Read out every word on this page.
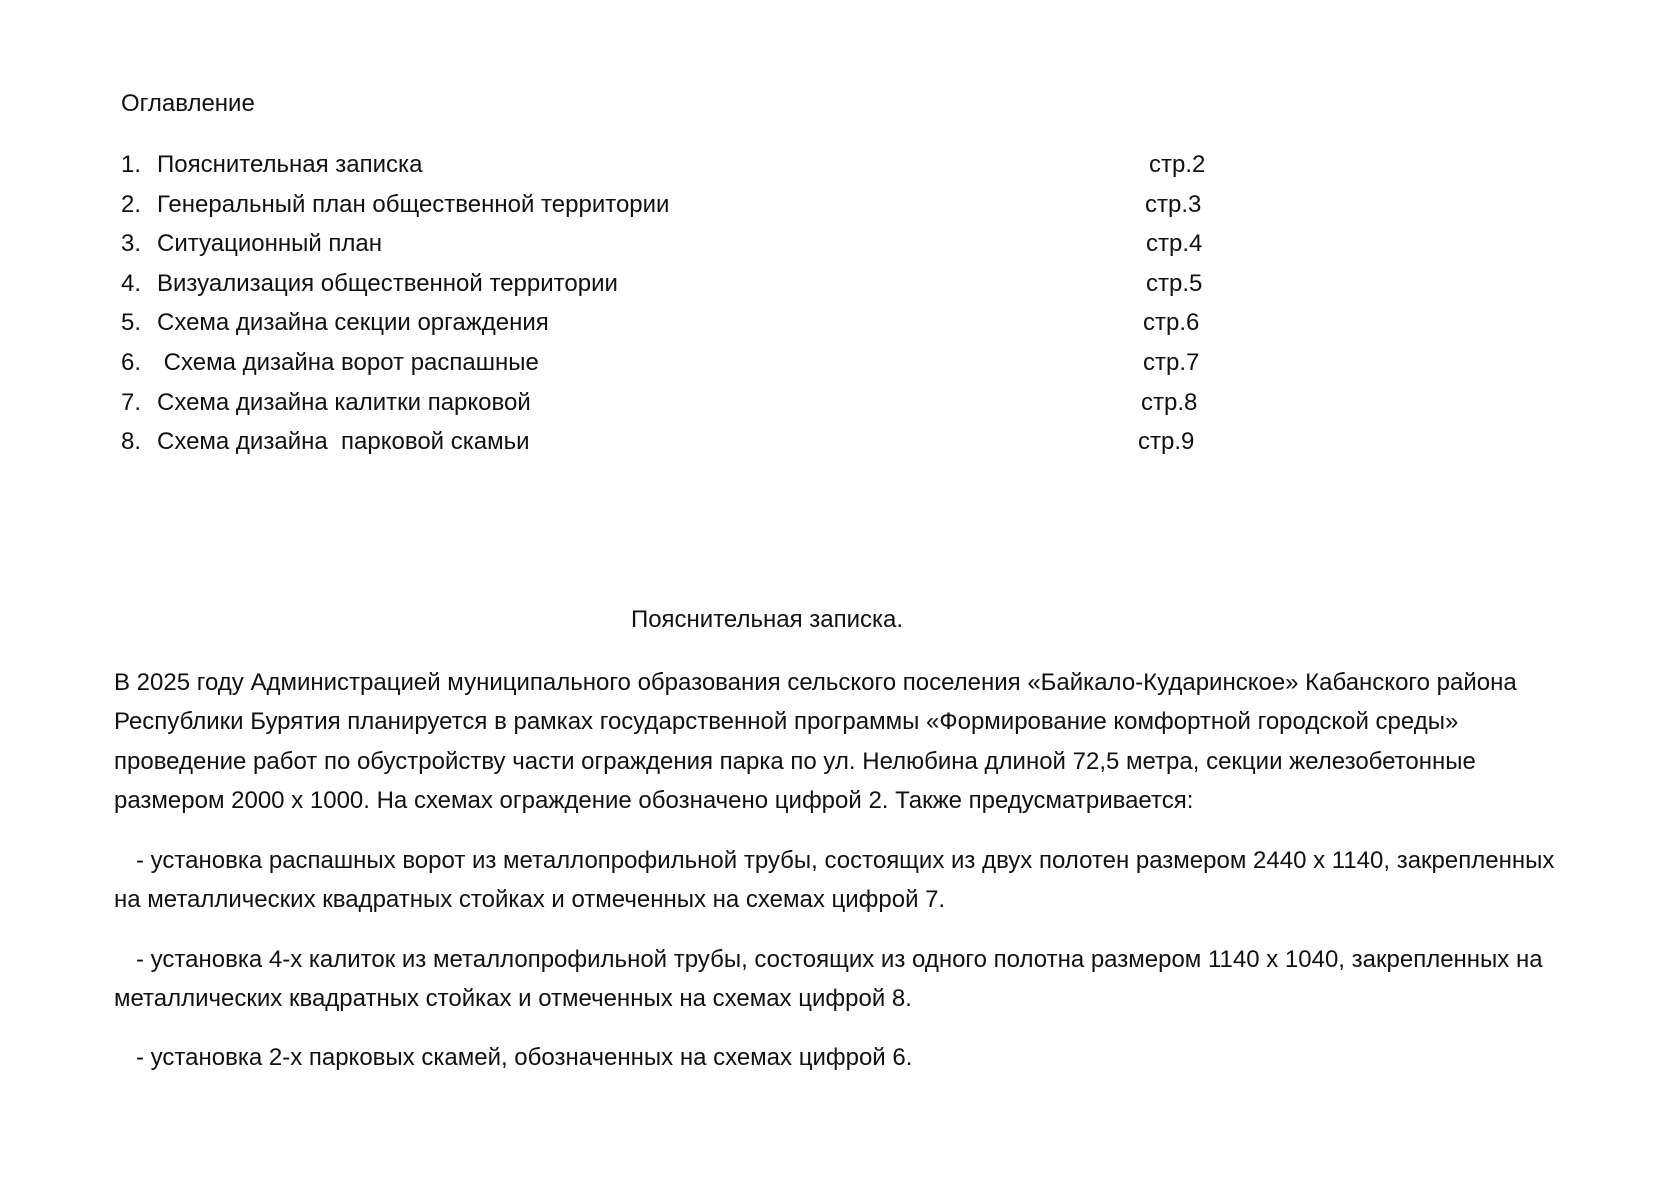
Оглавление
1. Пояснительная записка	стр.2
2. Генеральный план общественной территории	стр.3
3. Ситуационный план	стр.4
4. Визуализация общественной территории	стр.5
5. Схема дизайна секции оргаждения	стр.6
6. Схема дизайна ворот распашные	стр.7
7. Схема дизайна калитки парковой	стр.8
8. Схема дизайна  парковой скамьи	стр.9
Пояснительная записка.

В 2025 году Администрацией муниципального образования сельского поселения «Байкало-Кударинское» Кабанского района Республики Бурятия планируется в рамках государственной программы «Формирование комфортной городской среды» проведение работ по обустройству части ограждения парка по ул. Нелюбина длиной 72,5 метра, секции железобетонные размером 2000 х 1000. На схемах ограждение обозначено цифрой 2. Также предусматривается:

- установка распашных ворот из металлопрофильной трубы, состоящих из двух полотен размером 2440 х 1140, закрепленных на металлических квадратных стойках и отмеченных на схемах цифрой 7.

- установка 4-х калиток из металлопрофильной трубы, состоящих из одного полотна размером 1140 х 1040, закрепленных на металлических квадратных стойках и отмеченных на схемах цифрой 8.

- установка 2-х парковых скамей, обозначенных на схемах цифрой 6.
